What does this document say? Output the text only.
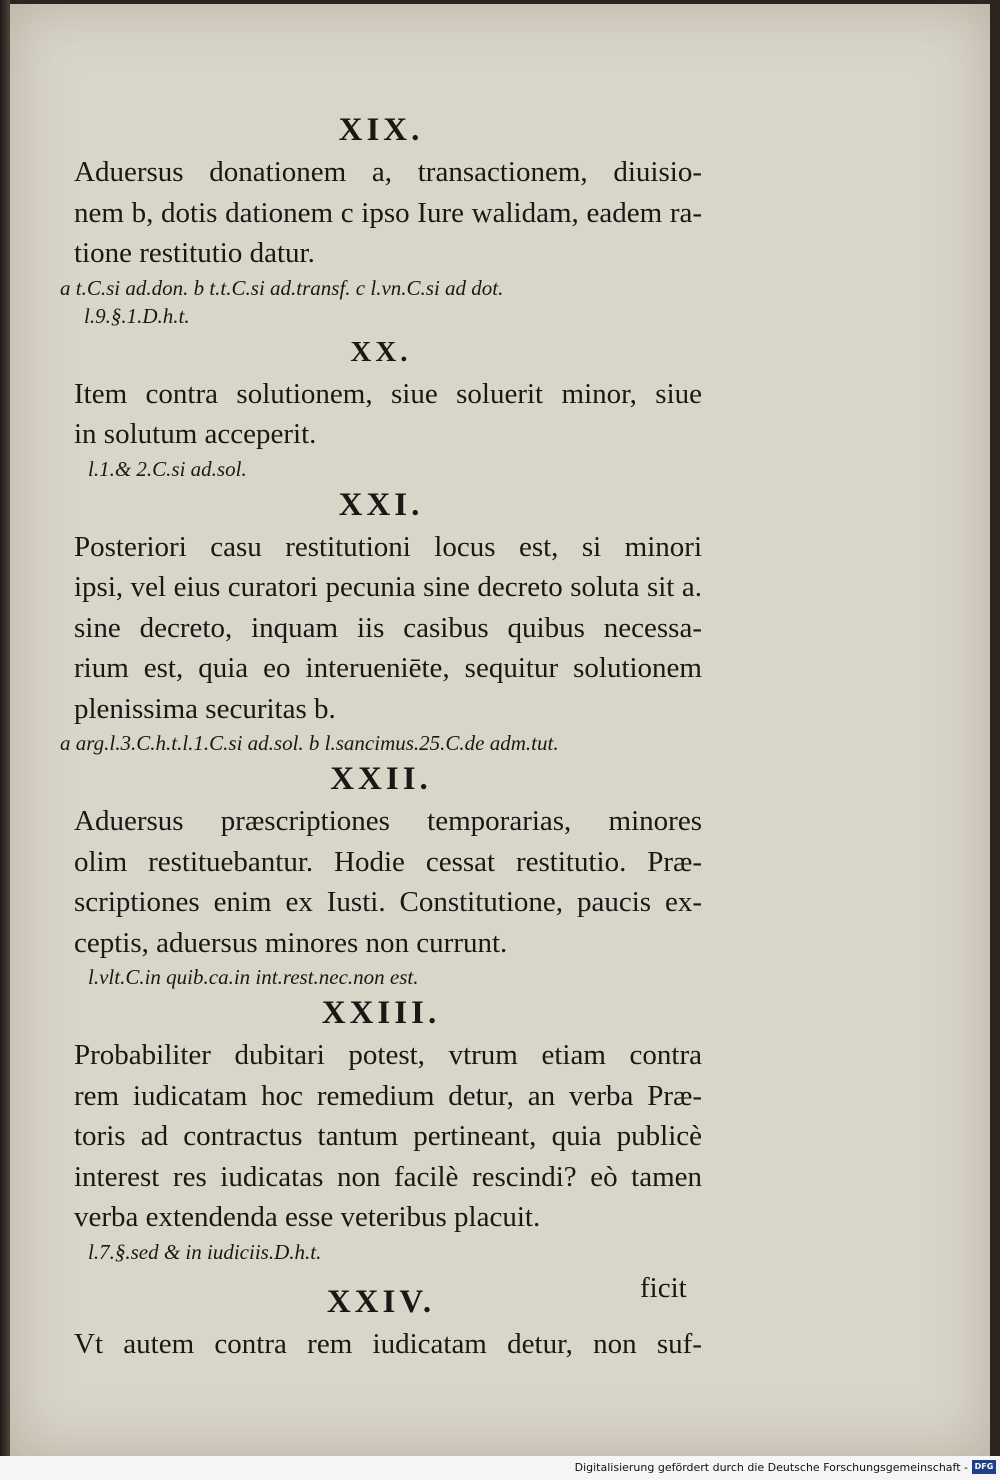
XIX.

Aduersus donationem a, transactionem, diuisio-
nem b, dotis dationem c ipso Iure walidam, eadem ra-
tione restitutio datur.

a t.C.si ad.don. b t.t.C.si ad.transf. c l.vn.C.si ad dot.
l.9.§.1.D.h.t.
XX.

Item contra solutionem, siue soluerit minor, siue
in solutum acceperit.

l.1.& 2.C.si ad.sol.
XXI.

Posteriori casu restitutioni locus est, si minori
ipsi, vel eius curatori pecunia sine decreto soluta sit a.
sine decreto, inquam iis casibus quibus necessa-
rium est, quia eo interueniēte, sequitur solutionem
plenissima securitas b.

a arg.l.3.C.h.t.l.1.C.si ad.sol. b l.sancimus.25.C.de adm.tut.
XXII.

Aduersus præscriptiones temporarias, minores
olim restituebantur. Hodie cessat restitutio. Præ-
scriptiones enim ex Iusti. Constitutione, paucis ex-
ceptis, aduersus minores non currunt.

l.vlt.C.in quib.ca.in int.rest.nec.non est.
XXIII.

Probabiliter dubitari potest, vtrum etiam contra
rem iudicatam hoc remedium detur, an verba Præ-
toris ad contractus tantum pertineant, quia publicè
interest res iudicatas non facilè rescindi? eò tamen
verba extendenda esse veteribus placuit.

l.7.§.sed & in iudiciis.D.h.t.
XXIV.

Vt autem contra rem iudicatam detur, non suf-

ficit
Digitalisierung gefördert durch die Deutsche Forschungsgemeinschaft - DFG
